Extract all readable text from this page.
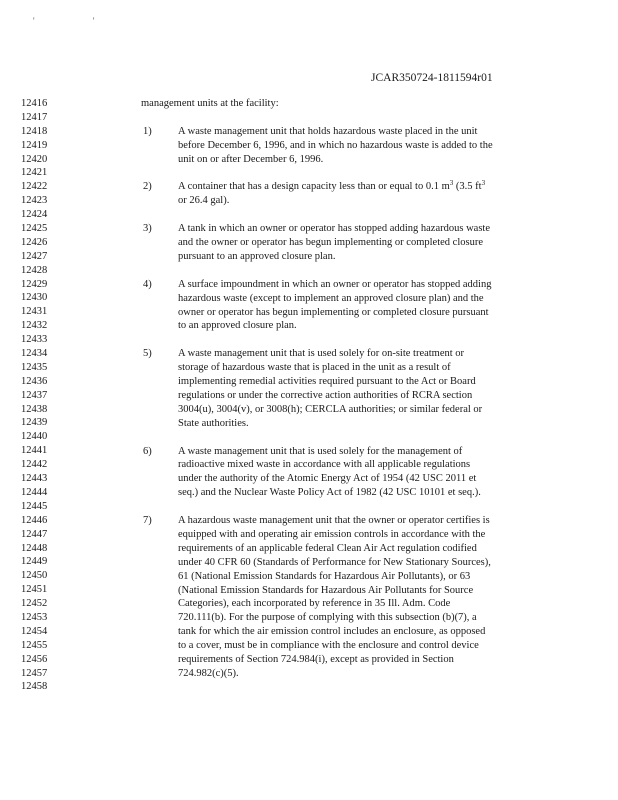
' '
JCAR350724-1811594r01
12416
12417
12418
12419
12420
12421
12422
12423
12424
12425
12426
12427
12428
12429
12430
12431
12432
12433
12434
12435
12436
12437
12438
12439
12440
12441
12442
12443
12444
12445
12446
12447
12448
12449
12450
12451
12452
12453
12454
12455
12456
12457
12458
management units at the facility:
1)	A waste management unit that holds hazardous waste placed in the unit
before December 6, 1996, and in which no hazardous waste is added to the
unit on or after December 6, 1996.
2)	A container that has a design capacity less than or equal to 0.1 $m^3$ (3.5 $ft^3$
or 26.4 gal).
3)	A tank in which an owner or operator has stopped adding hazardous waste
and the owner or operator has begun implementing or completed closure
pursuant to an approved closure plan.
4)	A surface impoundment in which an owner or operator has stopped adding
hazardous waste (except to implement an approved closure plan) and the
owner or operator has begun implementing or completed closure pursuant
to an approved closure plan.
5)	A waste management unit that is used solely for on-site treatment or
storage of hazardous waste that is placed in the unit as a result of
implementing remedial activities required pursuant to the Act or Board
regulations or under the corrective action authorities of RCRA section
3004(u), 3004(v), or 3008(h); CERCLA authorities; or similar federal or
State authorities.
6)	A waste management unit that is used solely for the management of
radioactive mixed waste in accordance with all applicable regulations
under the authority of the Atomic Energy Act of 1954 (42 USC 2011 et
seq.) and the Nuclear Waste Policy Act of 1982 (42 USC 10101 et seq.).
7)	A hazardous waste management unit that the owner or operator certifies is
equipped with and operating air emission controls in accordance with the
requirements of an applicable federal Clean Air Act regulation codified
under 40 CFR 60 (Standards of Performance for New Stationary Sources),
61 (National Emission Standards for Hazardous Air Pollutants), or 63
(National Emission Standards for Hazardous Air Pollutants for Source
Categories), each incorporated by reference in 35 Ill. Adm. Code
720.111(b). For the purpose of complying with this subsection (b)(7), a
tank for which the air emission control includes an enclosure, as opposed
to a cover, must be in compliance with the enclosure and control device
requirements of Section 724.984(i), except as provided in Section
724.982(c)(5).
